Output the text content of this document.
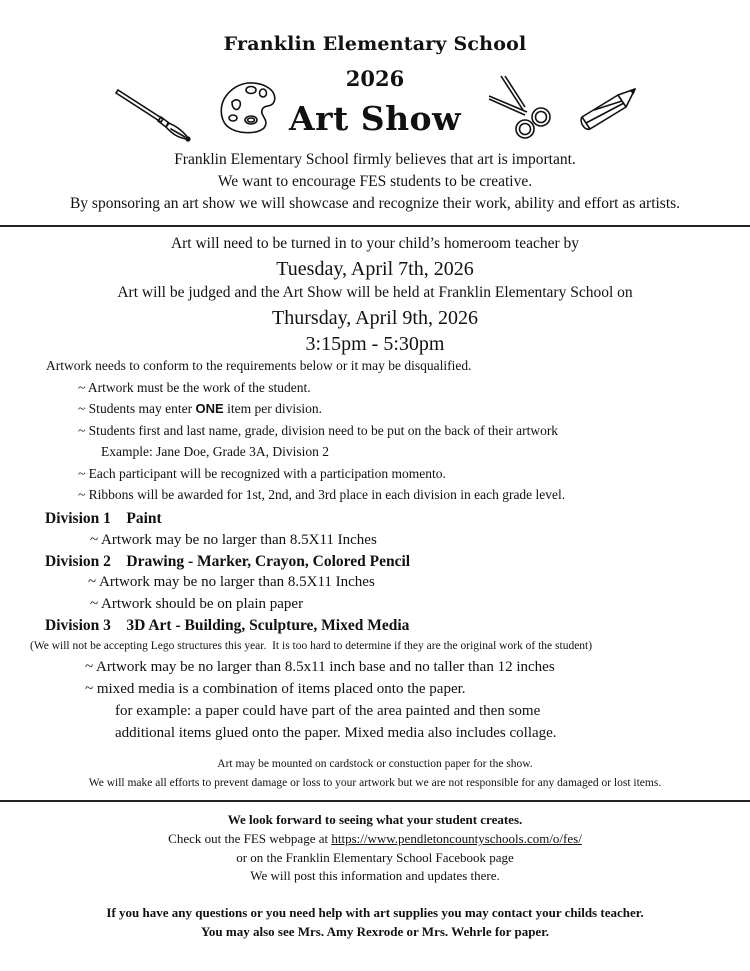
Franklin Elementary School
2026
Art Show
Franklin Elementary School firmly believes that art is important.
We want to encourage FES students to be creative.
By sponsoring an art show we will showcase and recognize their work, ability and effort as artists.
Art will need to be turned in to your child’s homeroom teacher by
Tuesday, April 7th, 2026
Art will be judged and the Art Show will be held at Franklin Elementary School on
Thursday, April 9th, 2026
3:15pm - 5:30pm
Artwork needs to conform to the requirements below or it may be disqualified.
~ Artwork must be the work of the student.
~ Students may enter ONE item per division.
~ Students first and last name, grade, division need to be put on the back of their artwork
Example: Jane Doe, Grade 3A, Division 2
~ Each participant will be recognized with a participation momento.
~ Ribbons will be awarded for 1st, 2nd, and 3rd place in each division in each grade level.
Division 1    Paint
~ Artwork may be no larger than 8.5X11 Inches
Division 2    Drawing - Marker, Crayon, Colored Pencil
~ Artwork may be no larger than 8.5X11 Inches
~ Artwork should be on plain paper
Division 3    3D Art - Building, Sculpture, Mixed Media
(We will not be accepting Lego structures this year.  It is too hard to determine if they are the original work of the student)
~ Artwork may be no larger than 8.5x11 inch base and no taller than 12 inches
~ mixed media is a combination of items placed onto the paper.
for example: a paper could have part of the area painted and then some
additional items glued onto the paper. Mixed media also includes collage.
Art may be mounted on cardstock or constuction paper for the show.
We will make all efforts to prevent damage or loss to your artwork but we are not responsible for any damaged or lost items.
We look forward to seeing what your student creates.
Check out the FES webpage at https://www.pendletoncountyschools.com/o/fes/
or on the Franklin Elementary School Facebook page
We will post this information and updates there.
If you have any questions or you need help with art supplies you may contact your childs teacher.
You may also see Mrs. Amy Rexrode or Mrs. Wehrle for paper.
